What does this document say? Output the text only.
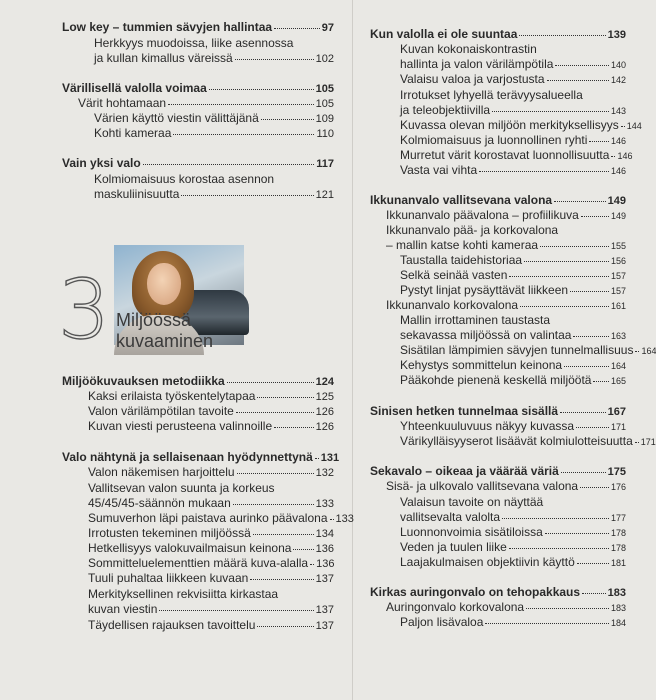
Low key – tummien sävyjen hallintaa	97
Herkkyys muodoissa, liike asennossa
ja kullan kimallus väreissä	102
Värillisellä valolla voimaa	105
Värit hohtamaan	105
Värien käyttö viestin välittäjänä	109
Kohti kameraa	110
Vain yksi valo	117
Kolmiomaisuus korostaa asennon
maskuliinisuutta	121
3 Miljöössä
kuvaaminen
Miljöökuvauksen metodiikka	124
Kaksi erilaista työskentelytapaa	125
Valon värilämpötilan tavoite	126
Kuvan viesti perusteena valinnoille	126
Valo nähtynä ja sellaisenaan hyödynnettynä 131
Valon näkemisen harjoittelu	132
Vallitsevan valon suunta ja korkeus
45/45/45-säännön mukaan	133
Sumuverhon läpi paistava aurinko päävalona 133
Irrotusten tekeminen miljöössä	134
Hetkellisyys valokuvailmaisun keinona 136
Sommitteluelementtien määrä kuva-alalla 136
Tuuli puhaltaa liikkeen kuvaan	137
Merkityksellinen rekvisiitta kirkastaa
kuvan viestin	137
Täydellisen rajauksen tavoittelu	137
Kun valolla ei ole suuntaa	139
Kuvan kokonaiskontrastin
hallinta ja valon värilämpötila	140
Valaisu valoa ja varjostusta	142
Irrotukset lyhyellä terävyysalueella
ja teleobjektiivilla	143
Kuvassa olevan miljöön merkityksellisyys 144
Kolmiomaisuus ja luonnollinen ryhti	146
Murretut värit korostavat luonnollisuutta 146
Vasta vai vihta	146
Ikkunanvalo vallitsevana valona	149
Ikkunanvalo päävalona – profiilikuva	149
Ikkunanvalo pää- ja korkovalona
– mallin katse kohti kameraa	155
Taustalla taidehistoriaa	156
Selkä seinää vasten	157
Pystyt linjat pysäyttävät liikkeen	157
Ikkunanvalo korkovalona	161
Mallin irrottaminen taustasta
sekavassa miljöössä on valintaa	163
Sisätilan lämpimien sävyjen tunnelmallisuus 164
Kehystys sommittelun keinona	164
Pääkohde pienenä keskellä miljöötä 165
Sinisen hetken tunnelmaa sisällä	167
Yhteenkuuluvuus näkyy kuvassa	171
Värikylläisyyserot lisäävät kolmiulotteisuutta 171
Sekavalo – oikeaa ja väärää väriä	175
Sisä- ja ulkovalo vallitsevana valona	176
Valaisun tavoite on näyttää
vallitsevalta valolta	177
Luonnonvoimia sisätiloissa	178
Veden ja tuulen liike	178
Laajakulmaisen objektiivin käyttö	181
Kirkas auringonvalo on tehopakkaus	183
Auringonvalo korkovalona	183
Paljon lisävaloa	184
